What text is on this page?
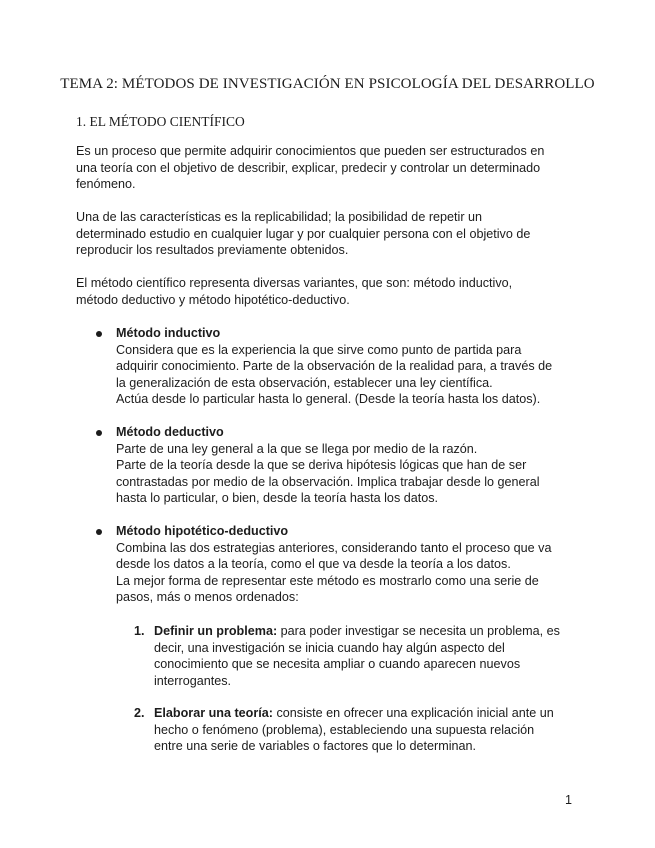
TEMA 2: MÉTODOS DE INVESTIGACIÓN EN PSICOLOGÍA DEL DESARROLLO
1. EL MÉTODO CIENTÍFICO

Es un proceso que permite adquirir conocimientos que pueden ser estructurados en
una teoría con el objetivo de describir, explicar, predecir y controlar un determinado
fenómeno.

Una de las características es la replicabilidad; la posibilidad de repetir un
determinado estudio en cualquier lugar y por cualquier persona con el objetivo de
reproducir los resultados previamente obtenidos.

El método científico representa diversas variantes, que son: método inductivo,
método deductivo y método hipotético-deductivo.

Método inductivo
Considera que es la experiencia la que sirve como punto de partida para
adquirir conocimiento. Parte de la observación de la realidad para, a través de
la generalización de esta observación, establecer una ley científica.
Actúa desde lo particular hasta lo general. (Desde la teoría hasta los datos).
Método deductivo
Parte de una ley general a la que se llega por medio de la razón.
Parte de la teoría desde la que se deriva hipótesis lógicas que han de ser
contrastadas por medio de la observación. Implica trabajar desde lo general
hasta lo particular, o bien, desde la teoría hasta los datos.
Método hipotético-deductivo
Combina las dos estrategias anteriores, considerando tanto el proceso que va
desde los datos a la teoría, como el que va desde la teoría a los datos.
La mejor forma de representar este método es mostrarlo como una serie de
pasos, más o menos ordenados:
1. Definir un problema: para poder investigar se necesita un problema, es
decir, una investigación se inicia cuando hay algún aspecto del
conocimiento que se necesita ampliar o cuando aparecen nuevos
interrogantes.
2. Elaborar una teoría: consiste en ofrecer una explicación inicial ante un
hecho o fenómeno (problema), estableciendo una supuesta relación
entre una serie de variables o factores que lo determinan.
1
